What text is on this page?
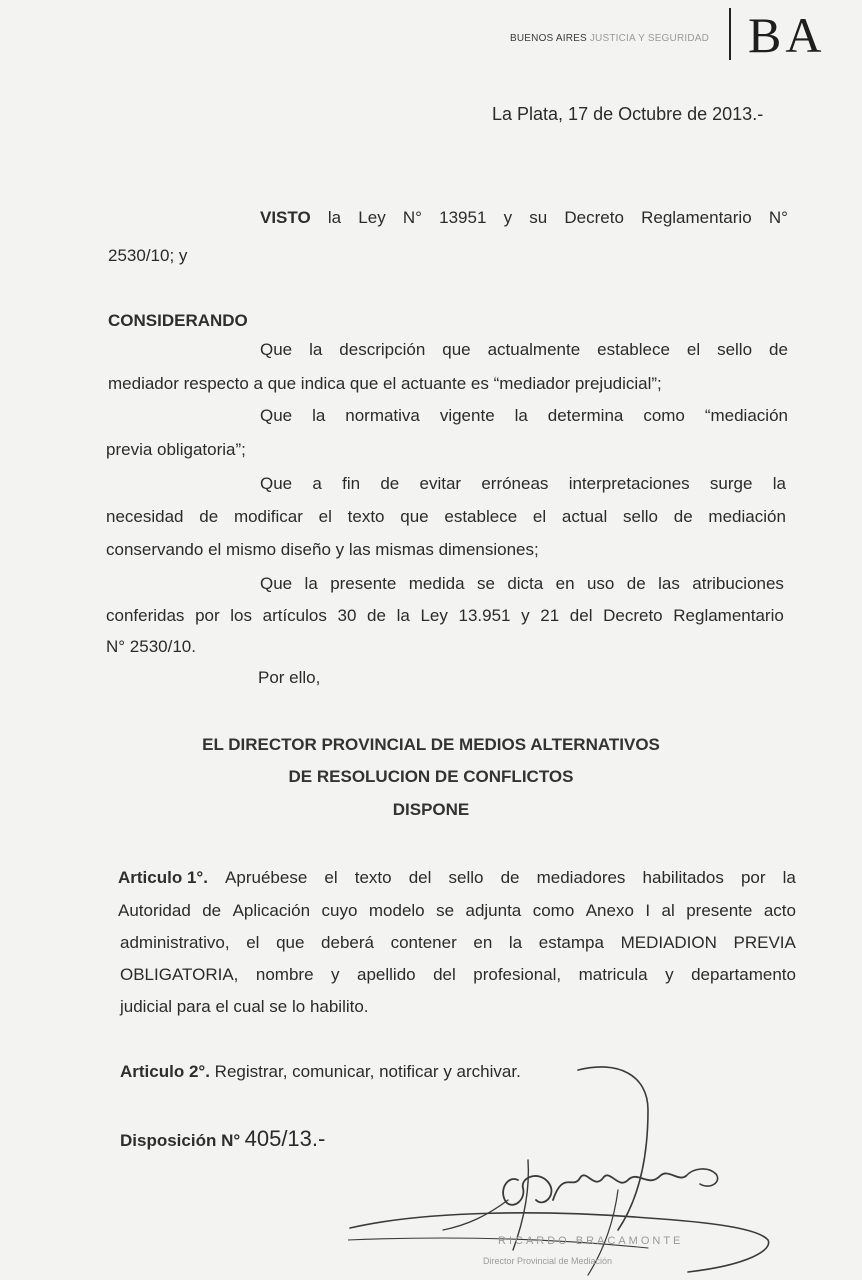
BUENOS AIRES JUSTICIA Y SEGURIDAD BA
La Plata, 17 de Octubre de 2013.-
VISTO la Ley N° 13951 y su Decreto Reglamentario N°
2530/10; y
CONSIDERANDO
Que la descripción que actualmente establece el sello de
mediador respecto a que indica que el actuante es “mediador prejudicial”;
Que la normativa vigente la determina como “mediación
previa obligatoria”;
Que a fin de evitar erróneas interpretaciones surge la
necesidad de modificar el texto que establece el actual sello de mediación
conservando el mismo diseño y las mismas dimensiones;
Que la presente medida se dicta en uso de las atribuciones
conferidas por los artículos 30 de la Ley 13.951 y 21 del Decreto Reglamentario
N° 2530/10.
Por ello,
EL DIRECTOR PROVINCIAL DE MEDIOS ALTERNATIVOS
DE RESOLUCION DE CONFLICTOS
DISPONE
Articulo 1°. Apruébese el texto del sello de mediadores habilitados por la
Autoridad de Aplicación cuyo modelo se adjunta como Anexo I al presente acto
administrativo, el que deberá contener en la estampa MEDIADION PREVIA
OBLIGATORIA, nombre y apellido del profesional, matricula y departamento
judicial para el cual se lo habilito.
Articulo 2°. Registrar, comunicar, notificar y archivar.
Disposición N° 405/13.-
RICARDO BRACAMONTE
Director Provincial de Mediación
